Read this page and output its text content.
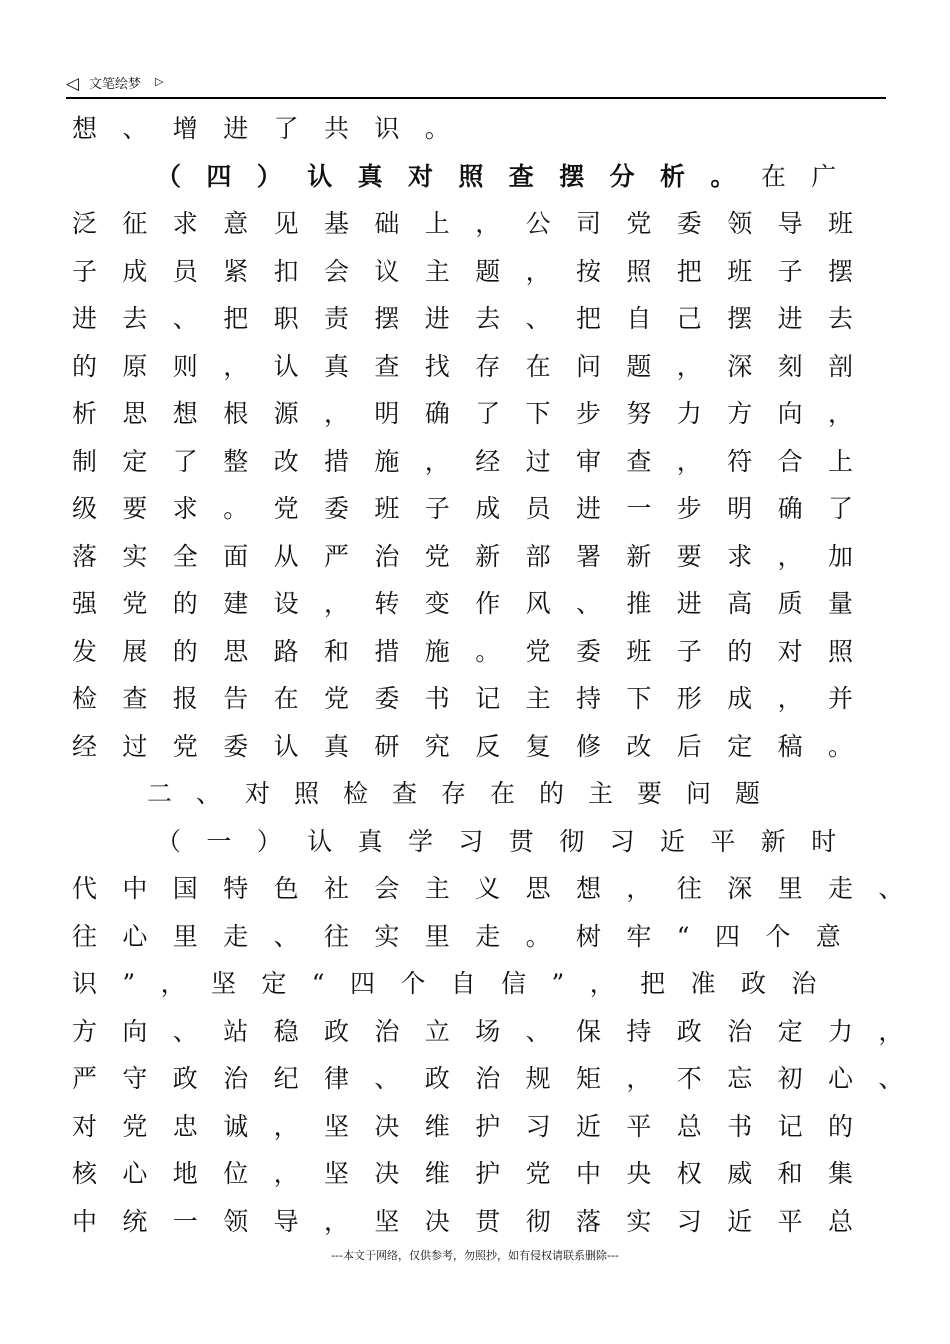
◁ 文笔绘梦 ▷
想、增进了共识。
（四）认真对照查摆分析。在广
泛征求意见基础上，公司党委领导班
子成员紧扣会议主题，按照把班子摆
进去、把职责摆进去、把自己摆进去
的原则，认真查找存在问题，深刻剖
析思想根源，明确了下步努力方向，
制定了整改措施，经过审查，符合上
级要求。党委班子成员进一步明确了
落实全面从严治党新部署新要求，加
强党的建设，转变作风、推进高质量
发展的思路和措施。党委班子的对照
检查报告在党委书记主持下形成，并
经过党委认真研究反复修改后定稿。
二、对照检查存在的主要问题
（一）认真学习贯彻习近平新时
代中国特色社会主义思想，往深里走、
往心里走、往实里走。树牢“四个意
识”，坚定“四个自信”，把准政治
方向、站稳政治立场、保持政治定力，
严守政治纪律、政治规矩，不忘初心、
对党忠诚，坚决维护习近平总书记的
核心地位，坚决维护党中央权威和集
中统一领导，坚决贯彻落实习近平总
---本文于网络，仅供参考，勿照抄，如有侵权请联系删除---
